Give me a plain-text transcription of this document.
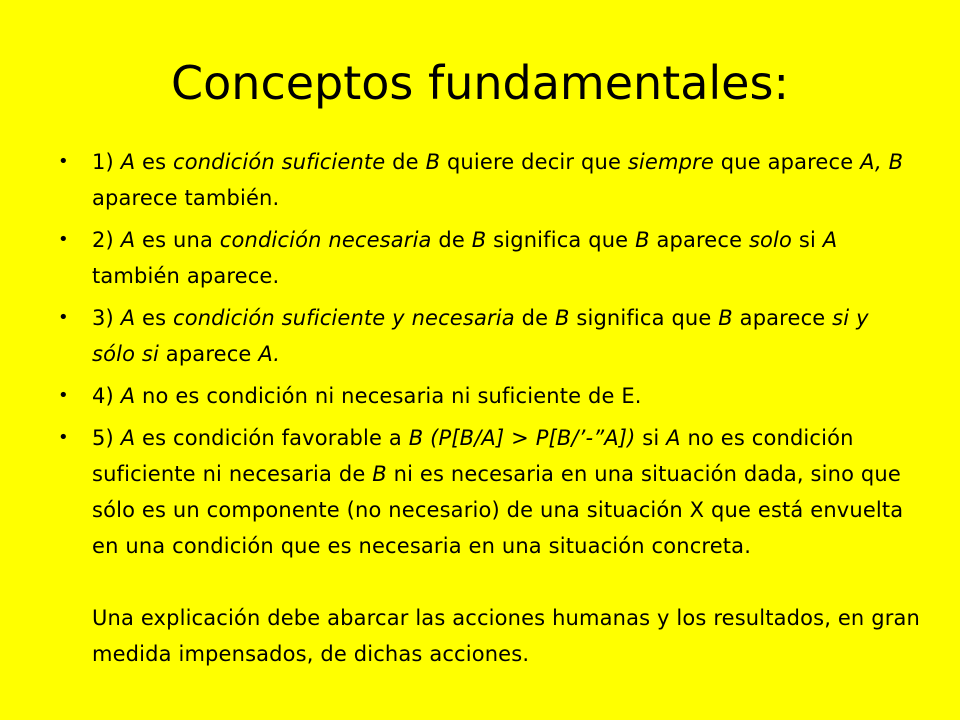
Conceptos fundamentales:
• 1) A es condición suficiente de B quiere decir que siempre que aparece A, B aparece también.
• 2) A es una condición necesaria de B significa que B aparece solo si A también aparece.
• 3) A es condición suficiente y necesaria de B significa que B aparece si y sólo si aparece A.
• 4) A no es condición ni necesaria ni suficiente de E.
• 5) A es condición favorable a B (P[B/A] > P[B/’-”A]) si A no es condición suficiente ni necesaria de B ni es necesaria en una situación dada, sino que sólo es un componente (no necesario) de una situación X que está envuelta en una condición que es necesaria en una situación concreta.
Una explicación debe abarcar las acciones humanas y los resultados, en gran medida impensados, de dichas acciones.
